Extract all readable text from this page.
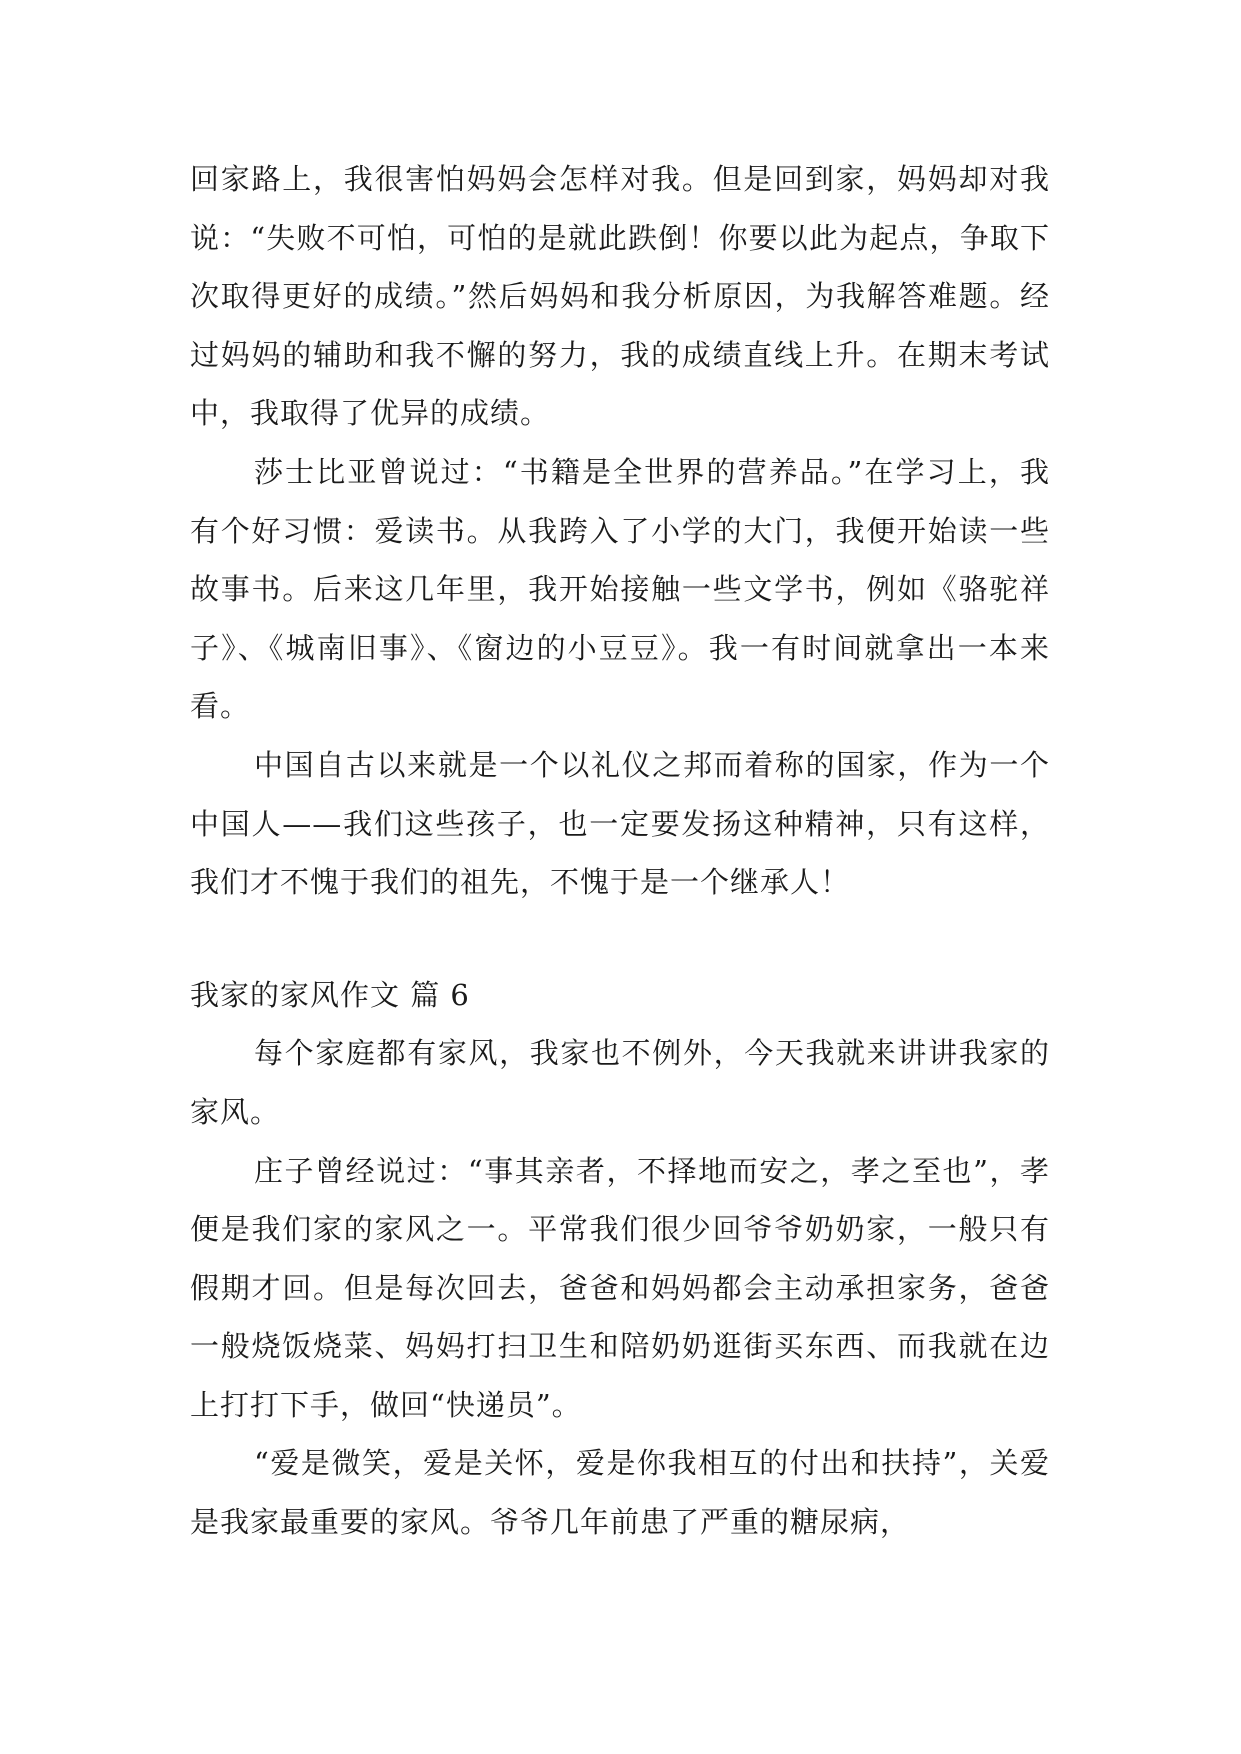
回家路上，我很害怕妈妈会怎样对我。但是回到家，妈妈却对我说：“失败不可怕，可怕的是就此跌倒！你要以此为起点，争取下次取得更好的成绩。”然后妈妈和我分析原因，为我解答难题。经过妈妈的辅助和我不懈的努力，我的成绩直线上升。在期末考试中，我取得了优异的成绩。

莎士比亚曾说过：“书籍是全世界的营养品。”在学习上，我有个好习惯：爱读书。从我跨入了小学的大门，我便开始读一些故事书。后来这几年里，我开始接触一些文学书，例如《骆驼祥子》、《城南旧事》、《窗边的小豆豆》。我一有时间就拿出一本来看。

中国自古以来就是一个以礼仪之邦而着称的国家，作为一个中国人——我们这些孩子，也一定要发扬这种精神，只有这样，我们才不愧于我们的祖先，不愧于是一个继承人！

我家的家风作文 篇 6

每个家庭都有家风，我家也不例外，今天我就来讲讲我家的家风。

庄子曾经说过：“事其亲者，不择地而安之，孝之至也”，孝便是我们家的家风之一。平常我们很少回爷爷奶奶家，一般只有假期才回。但是每次回去，爸爸和妈妈都会主动承担家务，爸爸一般烧饭烧菜、妈妈打扫卫生和陪奶奶逛街买东西、而我就在边上打打下手，做回“快递员”。

“爱是微笑，爱是关怀，爱是你我相互的付出和扶持”，关爱是我家最重要的家风。爷爷几年前患了严重的糖尿病，
